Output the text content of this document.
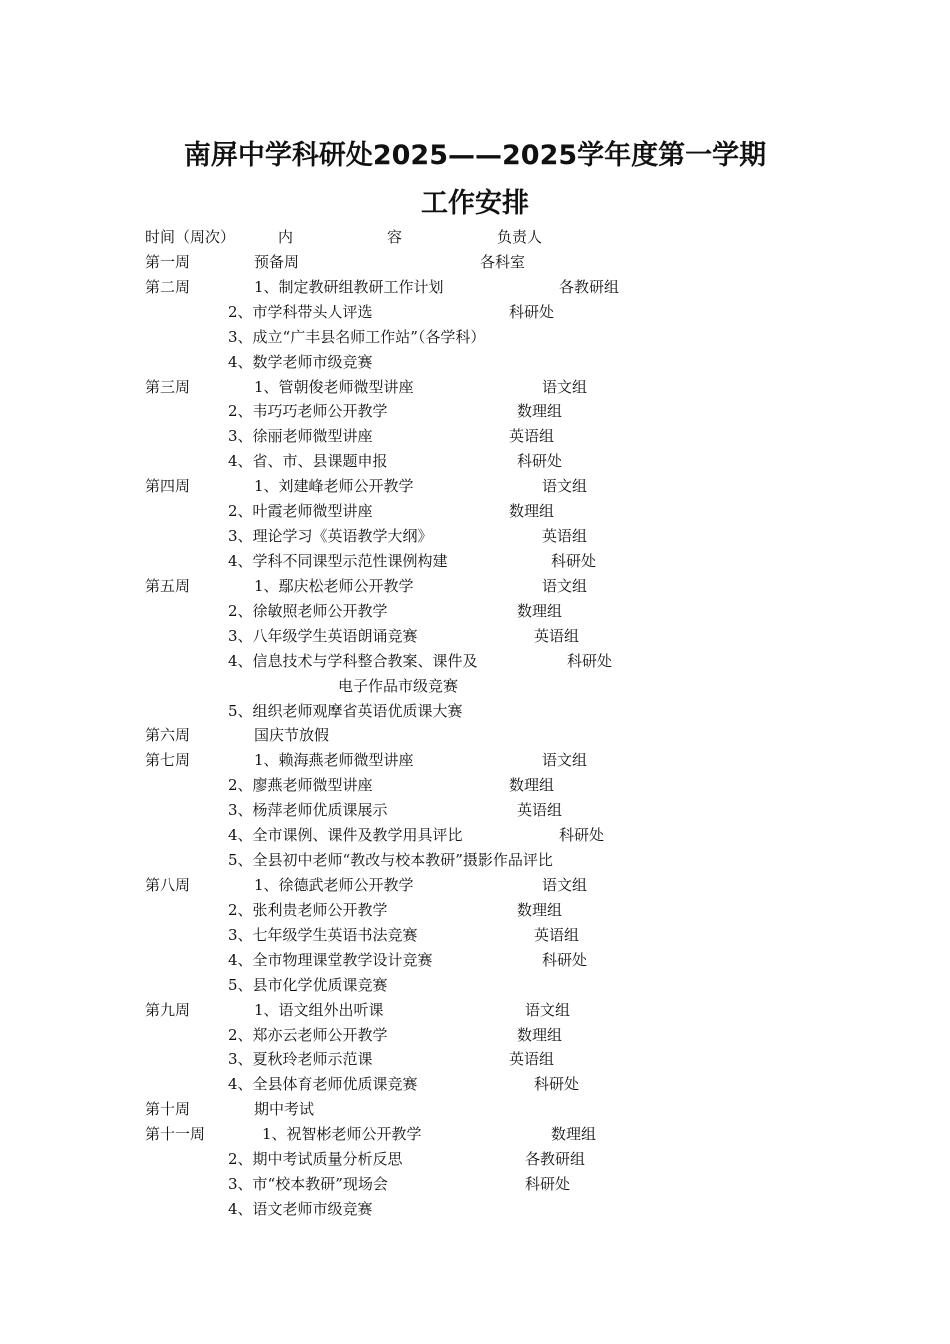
南屏中学科研处2025——2025学年度第一学期
工作安排
时间（周次）	内	容	负责人
第一周	预备周	各科室
第二周	1、制定教研组教研工作计划	各教研组
2、市学科带头人评选	科研处
3、成立“广丰县名师工作站”（各学科）
4、数学老师市级竞赛
第三周	1、管朝俊老师微型讲座	语文组
2、韦巧巧老师公开教学	数理组
3、徐丽老师微型讲座	英语组
4、省、市、县课题申报	科研处
第四周	1、刘建峰老师公开教学	语文组
2、叶霞老师微型讲座	数理组
3、理论学习《英语教学大纲》	英语组
4、学科不同课型示范性课例构建	科研处
第五周	1、鄢庆松老师公开教学	语文组
2、徐敏照老师公开教学	数理组
3、八年级学生英语朗诵竞赛	英语组
4、信息技术与学科整合教案、课件及	科研处
电子作品市级竞赛
5、组织老师观摩省英语优质课大赛
第六周	国庆节放假
第七周	1、赖海燕老师微型讲座	语文组
2、廖燕老师微型讲座	数理组
3、杨萍老师优质课展示	英语组
4、全市课例、课件及教学用具评比	科研处
5、全县初中老师“教改与校本教研”摄影作品评比
第八周	1、徐德武老师公开教学	语文组
2、张利贵老师公开教学	数理组
3、七年级学生英语书法竞赛	英语组
4、全市物理课堂教学设计竞赛	科研处
5、县市化学优质课竞赛
第九周	1、语文组外出听课	语文组
2、郑亦云老师公开教学	数理组
3、夏秋玲老师示范课	英语组
4、全县体育老师优质课竞赛	科研处
第十周	期中考试
第十一周	1、祝智彬老师公开教学	数理组
2、期中考试质量分析反思	各教研组
3、市“校本教研”现场会	科研处
4、语文老师市级竞赛
